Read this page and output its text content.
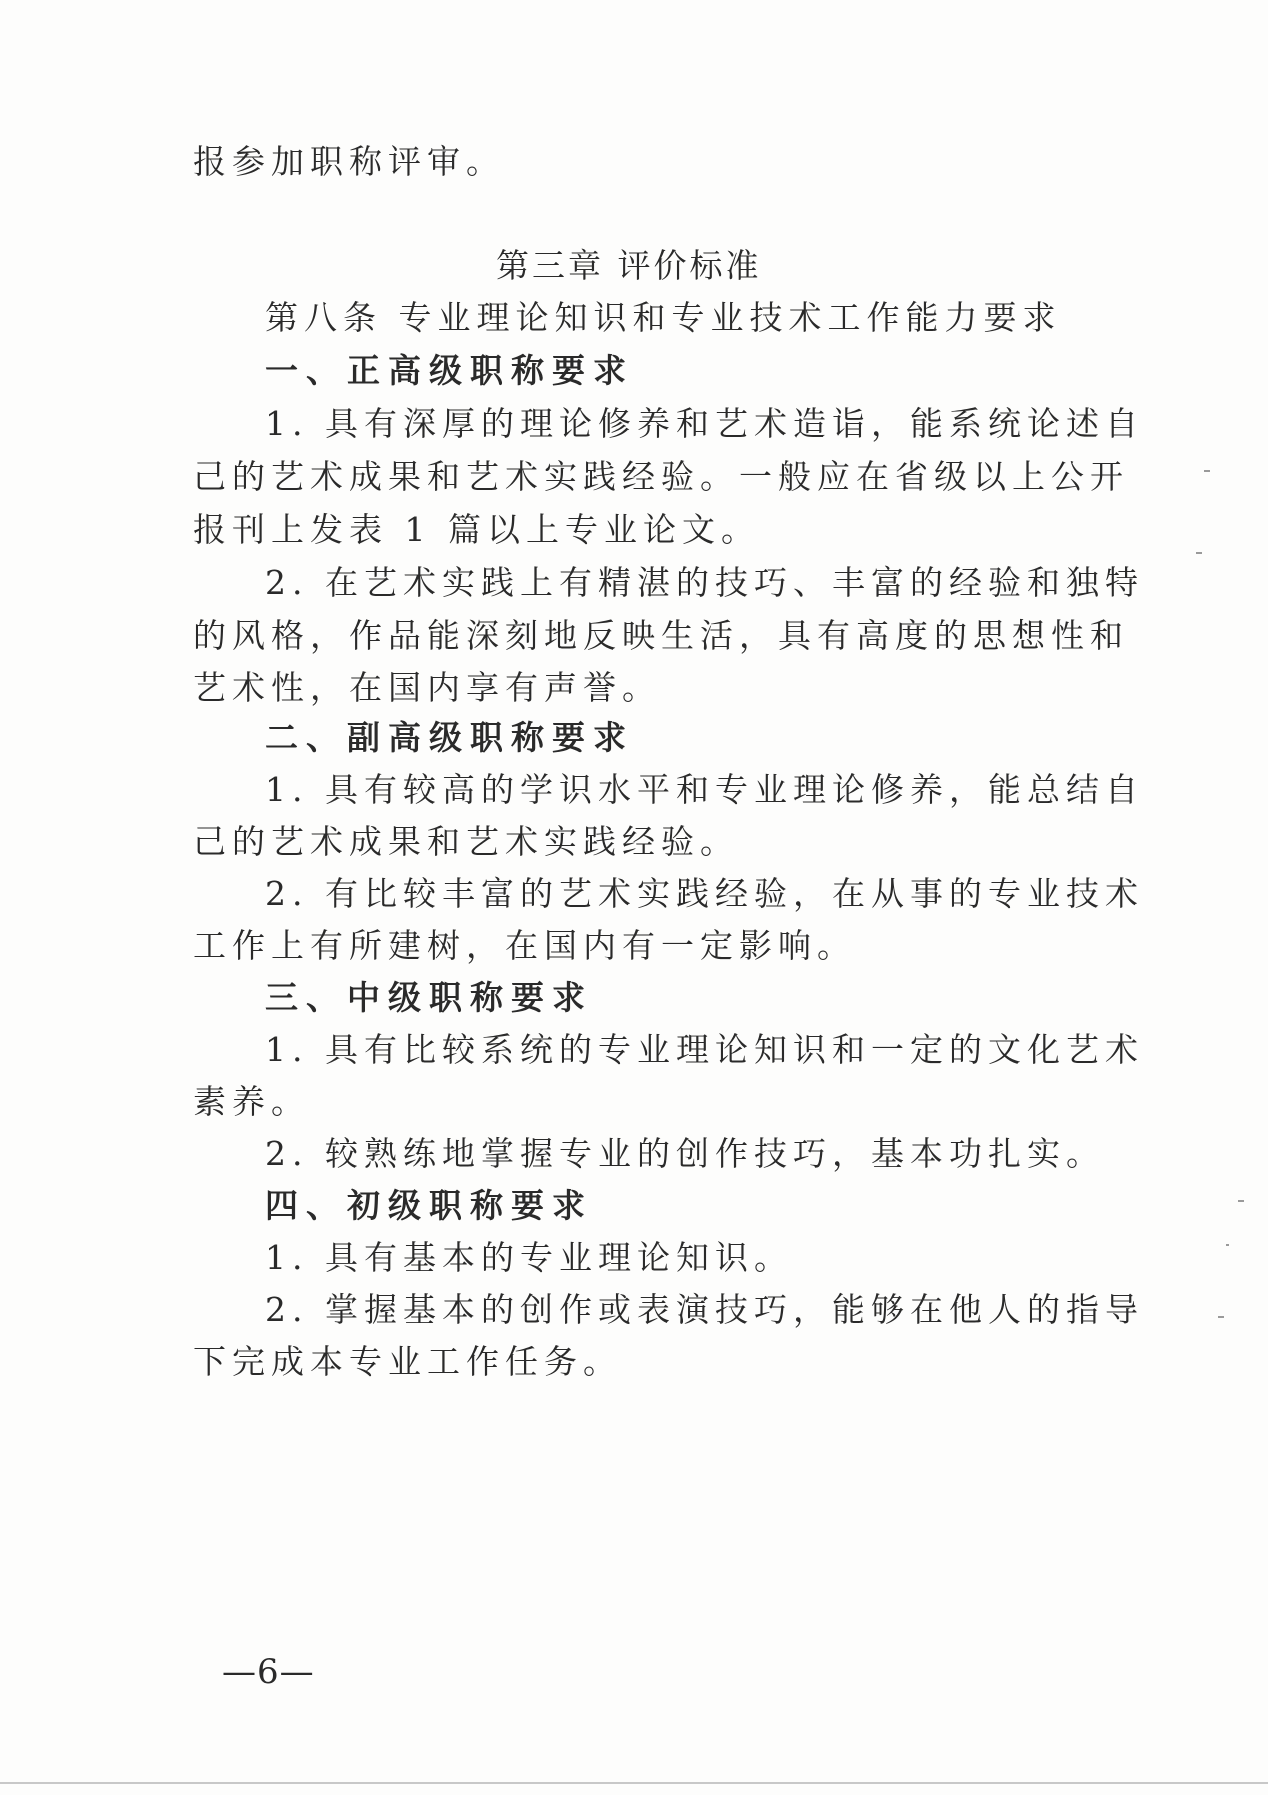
报参加职称评审。
第三章 评价标准
第八条 专业理论知识和专业技术工作能力要求
一、正高级职称要求
1. 具有深厚的理论修养和艺术造诣，能系统论述自
己的艺术成果和艺术实践经验。一般应在省级以上公开
报刊上发表 1 篇以上专业论文。
2. 在艺术实践上有精湛的技巧、丰富的经验和独特
的风格，作品能深刻地反映生活，具有高度的思想性和
艺术性，在国内享有声誉。
二、副高级职称要求
1. 具有较高的学识水平和专业理论修养，能总结自
己的艺术成果和艺术实践经验。
2. 有比较丰富的艺术实践经验，在从事的专业技术
工作上有所建树，在国内有一定影响。
三、中级职称要求
1. 具有比较系统的专业理论知识和一定的文化艺术
素养。
2. 较熟练地掌握专业的创作技巧，基本功扎实。
四、初级职称要求
1. 具有基本的专业理论知识。
2. 掌握基本的创作或表演技巧，能够在他人的指导
下完成本专业工作任务。
—6—
